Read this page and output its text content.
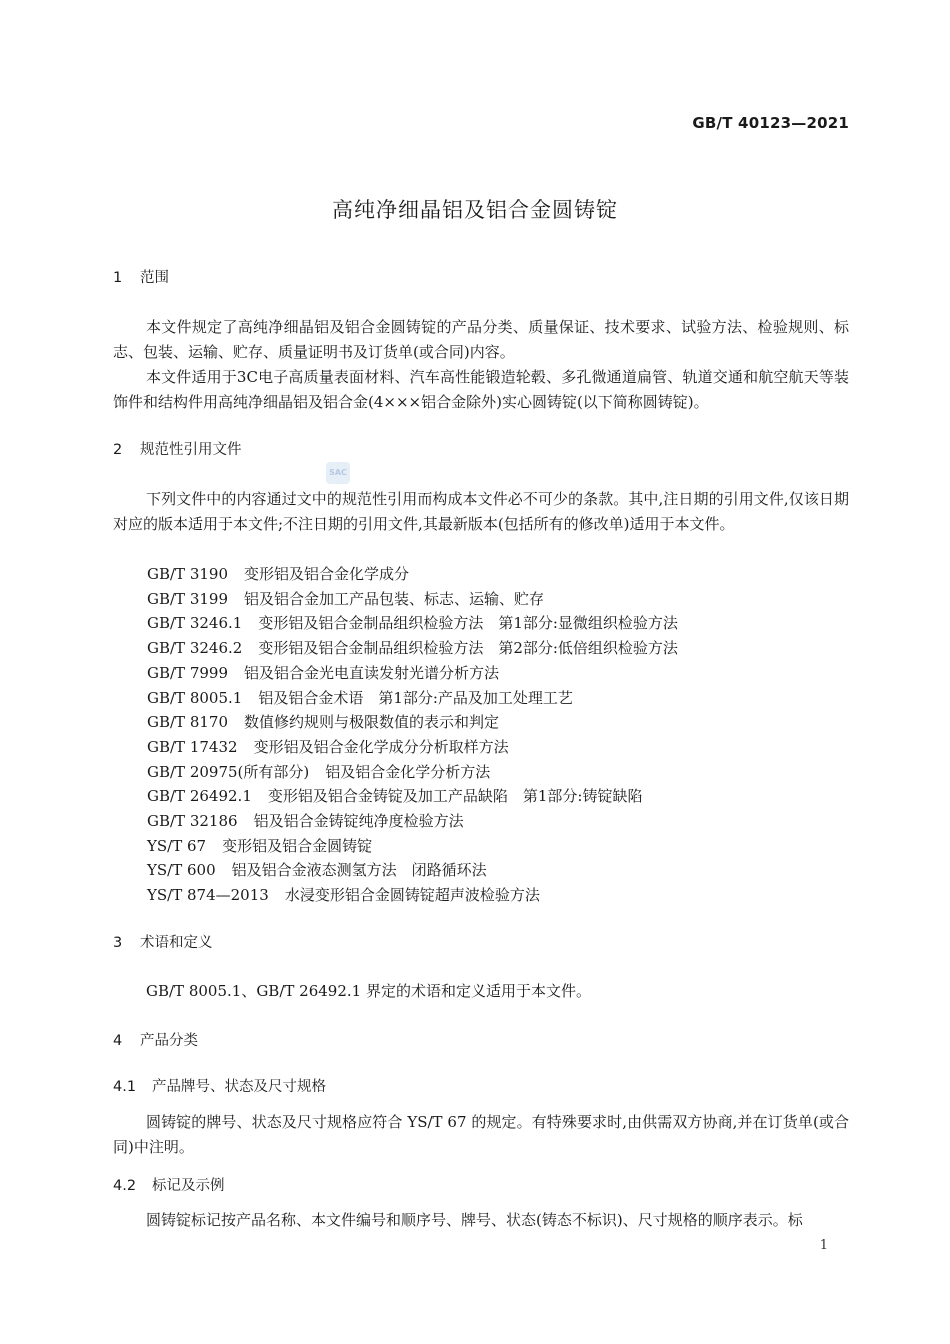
GB/T 40123—2021
高纯净细晶铝及铝合金圆铸锭
1 范围
本文件规定了高纯净细晶铝及铝合金圆铸锭的产品分类、质量保证、技术要求、试验方法、检验规则、标志、包装、运输、贮存、质量证明书及订货单(或合同)内容。
本文件适用于3C电子高质量表面材料、汽车高性能锻造轮毂、多孔微通道扁管、轨道交通和航空航天等装饰件和结构件用高纯净细晶铝及铝合金(4×××铝合金除外)实心圆铸锭(以下简称圆铸锭)。
2 规范性引用文件
SAC
下列文件中的内容通过文中的规范性引用而构成本文件必不可少的条款。其中,注日期的引用文件,仅该日期对应的版本适用于本文件;不注日期的引用文件,其最新版本(包括所有的修改单)适用于本文件。
GB/T 3190 变形铝及铝合金化学成分
GB/T 3199 铝及铝合金加工产品包装、标志、运输、贮存
GB/T 3246.1 变形铝及铝合金制品组织检验方法　第1部分:显微组织检验方法
GB/T 3246.2 变形铝及铝合金制品组织检验方法　第2部分:低倍组织检验方法
GB/T 7999 铝及铝合金光电直读发射光谱分析方法
GB/T 8005.1 铝及铝合金术语　第1部分:产品及加工处理工艺
GB/T 8170 数值修约规则与极限数值的表示和判定
GB/T 17432 变形铝及铝合金化学成分分析取样方法
GB/T 20975(所有部分) 铝及铝合金化学分析方法
GB/T 26492.1 变形铝及铝合金铸锭及加工产品缺陷　第1部分:铸锭缺陷
GB/T 32186 铝及铝合金铸锭纯净度检验方法
YS/T 67 变形铝及铝合金圆铸锭
YS/T 600 铝及铝合金液态测氢方法　闭路循环法
YS/T 874—2013 水浸变形铝合金圆铸锭超声波检验方法
3 术语和定义
GB/T 8005.1、GB/T 26492.1 界定的术语和定义适用于本文件。
4 产品分类
4.1 产品牌号、状态及尺寸规格
圆铸锭的牌号、状态及尺寸规格应符合 YS/T 67 的规定。有特殊要求时,由供需双方协商,并在订货单(或合同)中注明。
4.2 标记及示例
圆铸锭标记按产品名称、本文件编号和顺序号、牌号、状态(铸态不标识)、尺寸规格的顺序表示。标
1
